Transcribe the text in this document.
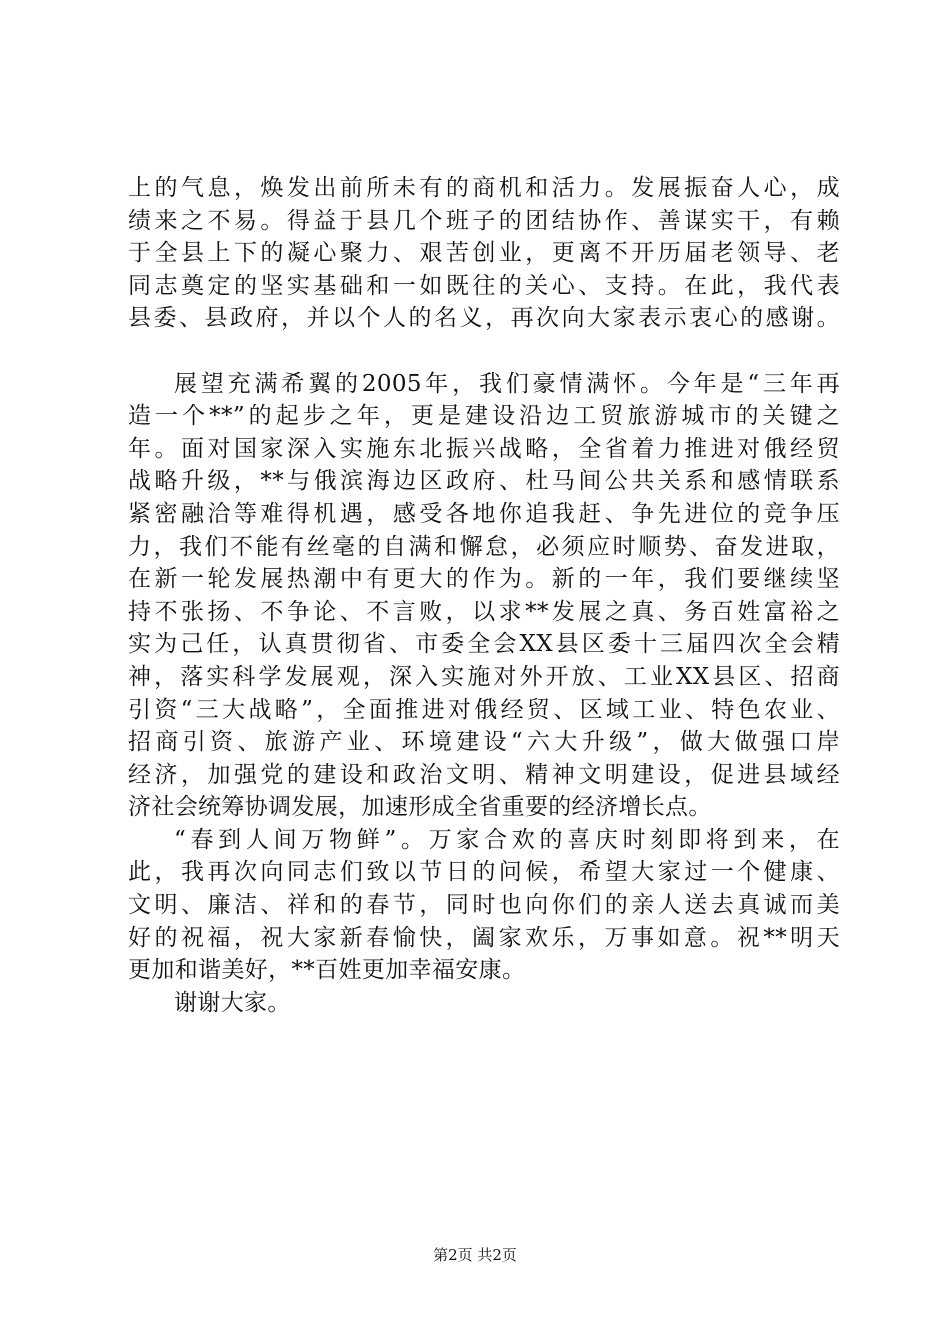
上的气息，焕发出前所未有的商机和活力。发展振奋人心，成
绩来之不易。得益于县几个班子的团结协作、善谋实干，有赖
于全县上下的凝心聚力、艰苦创业，更离不开历届老领导、老
同志奠定的坚实基础和一如既往的关心、支持。在此，我代表
县委、县政府，并以个人的名义，再次向大家表示衷心的感谢。
展望充满希翼的2005年，我们豪情满怀。今年是“三年再
造一个**”的起步之年，更是建设沿边工贸旅游城市的关键之
年。面对国家深入实施东北振兴战略，全省着力推进对俄经贸
战略升级，**与俄滨海边区政府、杜马间公共关系和感情联系
紧密融洽等难得机遇，感受各地你追我赶、争先进位的竞争压
力，我们不能有丝毫的自满和懈怠，必须应时顺势、奋发进取，
在新一轮发展热潮中有更大的作为。新的一年，我们要继续坚
持不张扬、不争论、不言败，以求**发展之真、务百姓富裕之
实为己任，认真贯彻省、市委全会XX县区委十三届四次全会精
神，落实科学发展观，深入实施对外开放、工业XX县区、招商
引资“三大战略”，全面推进对俄经贸、区域工业、特色农业、
招商引资、旅游产业、环境建设“六大升级”，做大做强口岸
经济，加强党的建设和政治文明、精神文明建设，促进县域经
济社会统筹协调发展，加速形成全省重要的经济增长点。
“春到人间万物鲜”。万家合欢的喜庆时刻即将到来，在
此，我再次向同志们致以节日的问候，希望大家过一个健康、
文明、廉洁、祥和的春节，同时也向你们的亲人送去真诚而美
好的祝福，祝大家新春愉快，阖家欢乐，万事如意。祝**明天
更加和谐美好，**百姓更加幸福安康。
谢谢大家。
第2页 共2页
